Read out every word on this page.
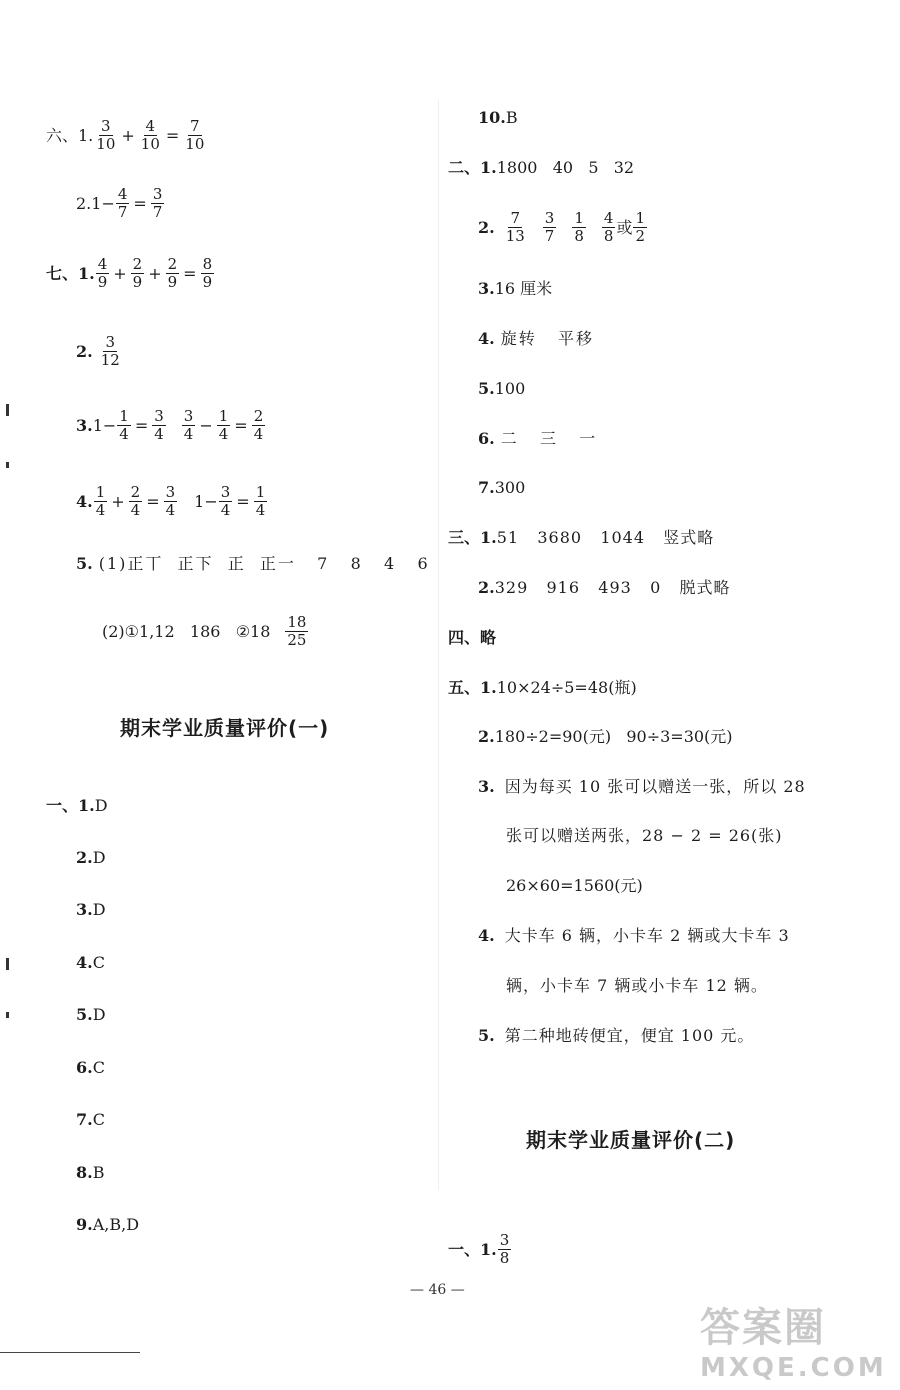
六、1. $\frac{3}{10} + \frac{4}{10} = \frac{7}{10}$
2. $1- \frac{4}{7} = \frac{3}{7}$
七、1. $\frac{4}{9} + \frac{2}{9} + \frac{2}{9} = \frac{8}{9}$
2. $\frac{3}{12}$
3. $1- \frac{1}{4} = \frac{3}{4} \frac{3}{4} - \frac{1}{4} = \frac{2}{4}$
4. $\frac{1}{4} + \frac{2}{4} = \frac{3}{4} 1- \frac{3}{4} = \frac{1}{4}$
5. (1)正丅  正下  正  正一   7   8   4   6
(2)①1,12   186   ②18 $\frac{18}{25}$
期末学业质量评价(一)
一、1. D
2. D
3. D
4. C
5. D
6. C
7. C
8. B
9. A,B,D
10. B
二、1. 1800   40   5   32
2. $\frac{7}{13} \frac{3}{7} \frac{1}{8} \frac{4}{8}$ 或 $\frac{1}{2}$
3. 16 厘米
4. 旋转   平移
5. 100
6. 二   三   一
7. 300
三、1. 51   3680   1044   竖式略
2. 329   916   493   0   脱式略
四、略
五、1. 10×24÷5=48(瓶)
2. 180÷2=90(元)   90÷3=30(元)
3. 因为每买 10 张可以赠送一张，所以 28
张可以赠送两张，28 − 2 = 26(张)
26×60=1560(元)
4. 大卡车 6 辆，小卡车 2 辆或大卡车 3
辆，小卡车 7 辆或小卡车 12 辆。
5. 第二种地砖便宜，便宜 100 元。
期末学业质量评价(二)
一、1. $\frac{3}{8}$
— 46 —
答案圈
MXQE.COM
